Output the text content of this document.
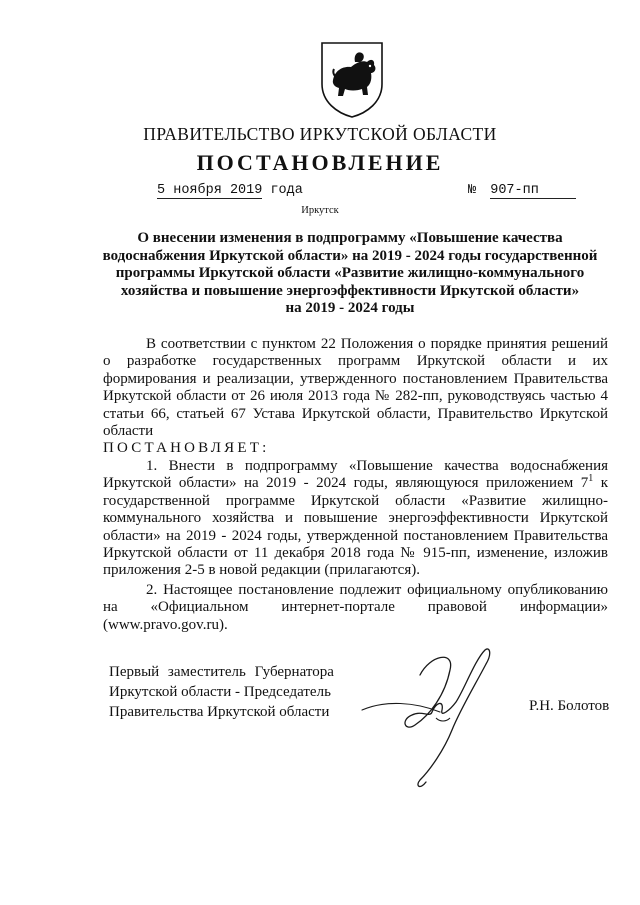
ПРАВИТЕЛЬСТВО ИРКУТСКОЙ ОБЛАСТИ
ПОСТАНОВЛЕНИЕ
5 ноября 2019 года	№ 907-пп
Иркутск
О внесении изменения в подпрограмму «Повышение качества
водоснабжения Иркутской области» на 2019 - 2024 годы государственной
программы Иркутской области «Развитие жилищно-коммунального
хозяйства и повышение энергоэффективности Иркутской области»
на 2019 - 2024 годы

В соответствии с пунктом 22 Положения о порядке принятия решений о разработке государственных программ Иркутской области и их формирования и реализации, утвержденного постановлением Правительства Иркутской области от 26 июля 2013 года № 282-пп, руководствуясь частью 4 статьи 66, статьей 67 Устава Иркутской области, Правительство Иркутской области

ПОСТАНОВЛЯЕТ:

1. Внести в подпрограмму «Повышение качества водоснабжения Иркутской области» на 2019 - 2024 годы, являющуюся приложением $7^1$ к государственной программе Иркутской области «Развитие жилищно-коммунального хозяйства и повышение энергоэффективности Иркутской области» на 2019 - 2024 годы, утвержденной постановлением Правительства Иркутской области от 11 декабря 2018 года № 915-пп, изменение, изложив приложения 2-5 в новой редакции (прилагаются).

2. Настоящее постановление подлежит официальному опубликованию на «Официальном интернет-портале правовой информации» (www.pravo.gov.ru).

Первый заместитель Губернатора
Иркутской области - Председатель
Правительства Иркутской области	Р.Н. Болотов
